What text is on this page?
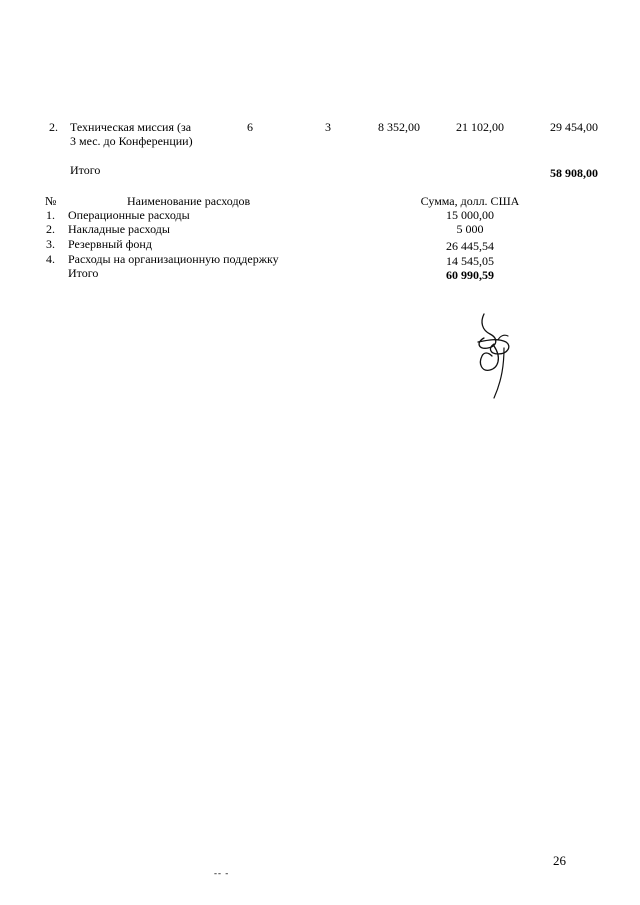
2. Техническая миссия (за
3 мес. до Конференции)
6	3	8 352,00	21 102,00	29 454,00
Итого	58 908,00
№	Наименование расходов	Сумма, долл. США
1. Операционные расходы	15 000,00
2. Накладные расходы	5 000
3. Резервный фонд	26 445,54
4. Расходы на организационную поддержку	14 545,05
Итого	60 990,59
26
-- -
